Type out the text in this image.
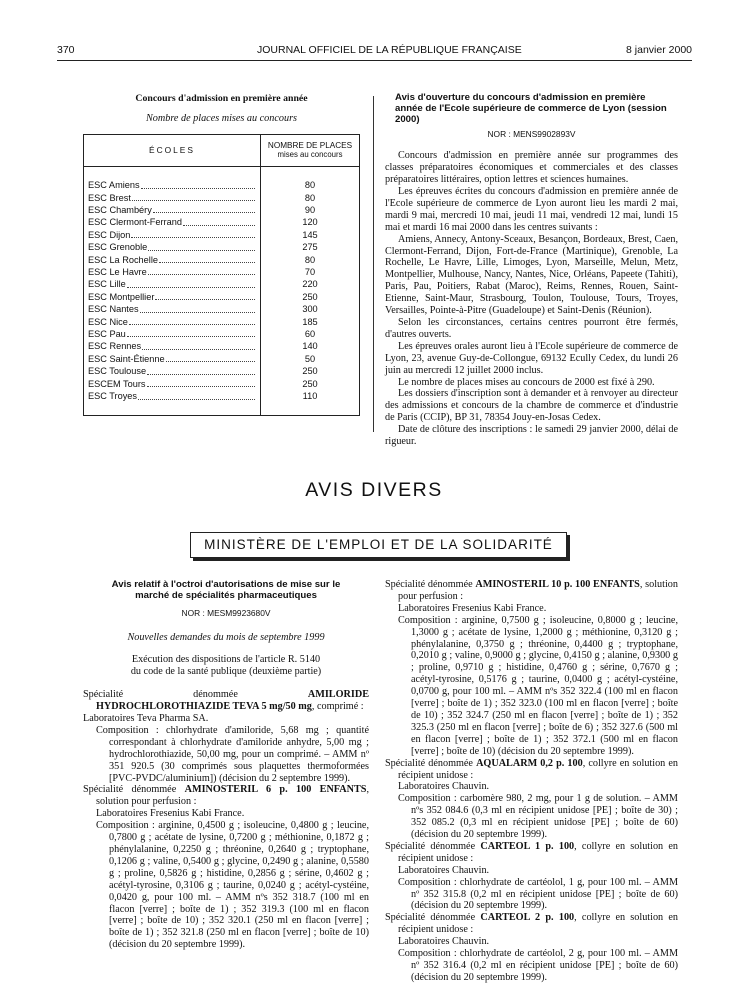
370	JOURNAL OFFICIEL DE LA RÉPUBLIQUE FRANÇAISE	8 janvier 2000

Concours d'admission en première année

Nombre de places mises au concours

ÉCOLES	NOMBRE DE PLACES
mises au concours

ESC Amiens	80

ESC Brest	80

ESC Chambéry	90

ESC Clermont-Ferrand	120

ESC Dijon	145

ESC Grenoble	275

ESC La Rochelle	80

ESC Le Havre	70

ESC Lille	220

ESC Montpellier	250

ESC Nantes	300

ESC Nice	185

ESC Pau	60

ESC Rennes	140

ESC Saint-Étienne	50

ESC Toulouse	250

ESCEM Tours	250

ESC Troyes	110

Avis d'ouverture du concours d'admission en première année de l'Ecole supérieure de commerce de Lyon (session 2000)

NOR : MENS9902893V

Concours d'admission en première année sur programmes des classes préparatoires économiques et commerciales et des classes préparatoires littéraires, option lettres et sciences humaines.

Les épreuves écrites du concours d'admission en première année de l'Ecole supérieure de commerce de Lyon auront lieu les mardi 2 mai, mardi 9 mai, mercredi 10 mai, jeudi 11 mai, vendredi 12 mai, lundi 15 mai et mardi 16 mai 2000 dans les centres suivants :

Amiens, Annecy, Antony-Sceaux, Besançon, Bordeaux, Brest, Caen, Clermont-Ferrand, Dijon, Fort-de-France (Martinique), Grenoble, La Rochelle, Le Havre, Lille, Limoges, Lyon, Marseille, Melun, Metz, Montpellier, Mulhouse, Nancy, Nantes, Nice, Orléans, Papeete (Tahiti), Paris, Pau, Poitiers, Rabat (Maroc), Reims, Rennes, Rouen, Saint-Etienne, Saint-Maur, Strasbourg, Toulon, Toulouse, Tours, Troyes, Versailles, Pointe-à-Pitre (Guadeloupe) et Saint-Denis (Réunion).

Selon les circonstances, certains centres pourront être fermés, d'autres ouverts.

Les épreuves orales auront lieu à l'Ecole supérieure de commerce de Lyon, 23, avenue Guy-de-Collongue, 69132 Ecully Cedex, du lundi 26 juin au mercredi 12 juillet 2000 inclus.

Le nombre de places mises au concours de 2000 est fixé à 290.

Les dossiers d'inscription sont à demander et à renvoyer au directeur des admissions et concours de la chambre de commerce et d'industrie de Paris (CCIP), BP 31, 78354 Jouy-en-Josas Cedex.

Date de clôture des inscriptions : le samedi 29 janvier 2000, délai de rigueur.

AVIS DIVERS
MINISTÈRE DE L'EMPLOI ET DE LA SOLIDARITÉ

Avis relatif à l'octroi d'autorisations de mise sur le marché de spécialités pharmaceutiques

NOR : MESM9923680V

Nouvelles demandes du mois de septembre 1999

Exécution des dispositions de l'article R. 5140

du code de la santé publique (deuxième partie)

Spécialité dénommée AMILORIDE HYDROCHLOROTHIAZIDE TEVA 5 mg/50 mg, comprimé :

Laboratoires Teva Pharma SA.

Composition : chlorhydrate d'amiloride, 5,68 mg ; quantité correspondant à chlorhydrate d'amiloride anhydre, 5,00 mg ; hydrochlorothiazide, 50,00 mg, pour un comprimé. – AMM nº 351 920.5 (30 comprimés sous plaquettes thermoformées [PVC-PVDC/aluminium]) (décision du 2 septembre 1999).

Spécialité dénommée AMINOSTERIL 6 p. 100 ENFANTS, solution pour perfusion :

Laboratoires Fresenius Kabi France.

Composition : arginine, 0,4500 g ; isoleucine, 0,4800 g ; leucine, 0,7800 g ; acétate de lysine, 0,7200 g ; méthionine, 0,1872 g ; phénylalanine, 0,2250 g ; thréonine, 0,2640 g ; tryptophane, 0,1206 g ; valine, 0,5400 g ; glycine, 0,2490 g ; alanine, 0,5580 g ; proline, 0,5826 g ; histidine, 0,2856 g ; sérine, 0,4602 g ; acétyl-tyrosine, 0,3106 g ; taurine, 0,0240 g ; acétyl-cystéine, 0,0420 g, pour 100 ml. – AMM nºs 352 318.7 (100 ml en flacon [verre] ; boîte de 1) ; 352 319.3 (100 ml en flacon [verre] ; boîte de 10) ; 352 320.1 (250 ml en flacon [verre] ; boîte de 1) ; 352 321.8 (250 ml en flacon [verre] ; boîte de 10) (décision du 20 septembre 1999).

Spécialité dénommée AMINOSTERIL 10 p. 100 ENFANTS, solution pour perfusion :

Laboratoires Fresenius Kabi France.

Composition : arginine, 0,7500 g ; isoleucine, 0,8000 g ; leucine, 1,3000 g ; acétate de lysine, 1,2000 g ; méthionine, 0,3120 g ; phénylalanine, 0,3750 g ; thréonine, 0,4400 g ; tryptophane, 0,2010 g ; valine, 0,9000 g ; glycine, 0,4150 g ; alanine, 0,9300 g ; proline, 0,9710 g ; histidine, 0,4760 g ; sérine, 0,7670 g ; acétyl-tyrosine, 0,5176 g ; taurine, 0,0400 g ; acétyl-cystéine, 0,0700 g, pour 100 ml. – AMM nºs 352 322.4 (100 ml en flacon [verre] ; boîte de 1) ; 352 323.0 (100 ml en flacon [verre] ; boîte de 10) ; 352 324.7 (250 ml en flacon [verre] ; boîte de 1) ; 352 325.3 (250 ml en flacon [verre] ; boîte de 6) ; 352 327.6 (500 ml en flacon [verre] ; boîte de 1) ; 352 372.1 (500 ml en flacon [verre] ; boîte de 10) (décision du 20 septembre 1999).

Spécialité dénommée AQUALARM 0,2 p. 100, collyre en solution en récipient unidose :

Laboratoires Chauvin.

Composition : carbomère 980, 2 mg, pour 1 g de solution. – AMM nºs 352 084.6 (0,3 ml en récipient unidose [PE] ; boîte de 30) ; 352 085.2 (0,3 ml en récipient unidose [PE] ; boîte de 60) (décision du 20 septembre 1999).

Spécialité dénommée CARTEOL 1 p. 100, collyre en solution en récipient unidose :

Laboratoires Chauvin.

Composition : chlorhydrate de cartéolol, 1 g, pour 100 ml. – AMM nº 352 315.8 (0,2 ml en récipient unidose [PE] ; boîte de 60) (décision du 20 septembre 1999).

Spécialité dénommée CARTEOL 2 p. 100, collyre en solution en récipient unidose :

Laboratoires Chauvin.

Composition : chlorhydrate de cartéolol, 2 g, pour 100 ml. – AMM nº 352 316.4 (0,2 ml en récipient unidose [PE] ; boîte de 60) (décision du 20 septembre 1999).
